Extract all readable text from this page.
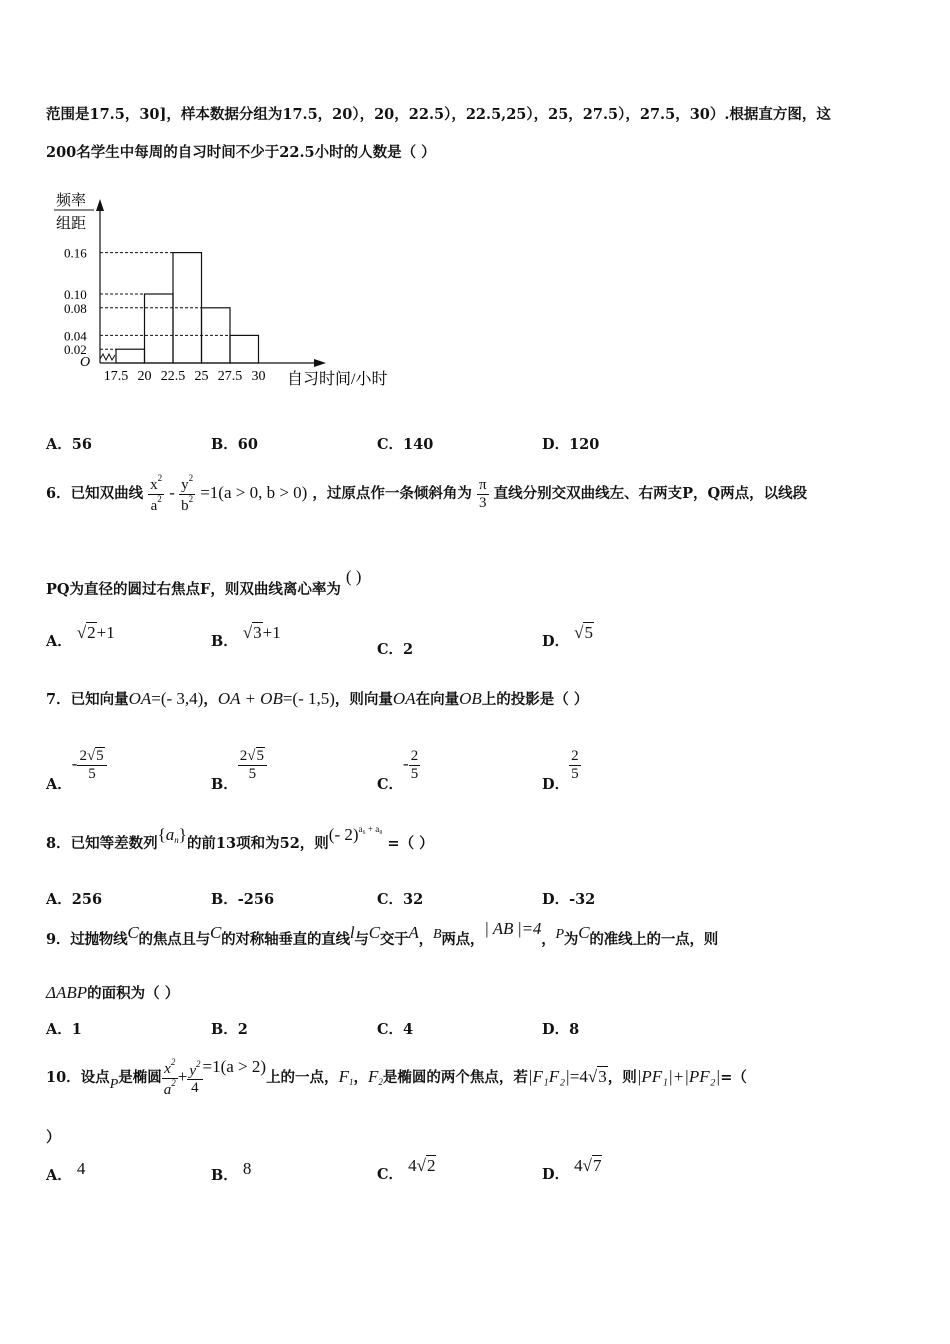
范围是17.5，30]，样本数据分组为17.5，20），20，22.5），22.5,25），25，27.5），27.5，30）.根据直方图，这
200名学生中每周的自习时间不少于22.5小时的人数是（ ）
频率
组距
O
0.02
0.04
0.08
0.10
0.16
17.5 20 22.5 25 27.5 30 自习时间/小时
A．56	B．60	C．140	D．120
6．已知双曲线 $\frac{x^2}{a^2} - \frac{y^2}{b^2} =1(a > 0$, b > 0) ，过原点作一条倾斜角为 $\frac{\pi}{3}$ 直线分别交双曲线左、右两支P，Q两点，以线段
PQ为直径的圆过右焦点F，则双曲线离心率为 ( )
A． √2+1	B． √3+1
C．2	D． √5
7．已知向量OA=(- 3,4)，OA + OB=(- 1,5)，则向量OA在向量OB上的投影是（ ）
A．- $\frac{2√5}{5}$
B．
$\frac{2√5}{5}$
C．- $\frac{2}{5}$
D．
$\frac{2}{5}$
8．已知等差数列$\{a_n\}$的前13项和为52，则(- 2)$^{a_6 + a_8}$ =（ ）
A．256	B．-256	C．32	D．-32
9．过抛物线C的焦点且与C的对称轴垂直的直线l与C交于A，B两点，| AB |=4，P为C的准线上的一点，则
ΔABP的面积为（ ）
A．1	B．2	C．4	D．8
10．设点P是椭圆 $\frac{x^2}{a^2} + \frac{y^2}{4} =1(a > 2)$上的一点，$F_1$，$F_2$是椭圆的两个焦点，若|F₁F₂|=4√3，则|PF₁|+|PF₂|=（
）
A． 4	B． 8	C． 4√2	D． 4√7
